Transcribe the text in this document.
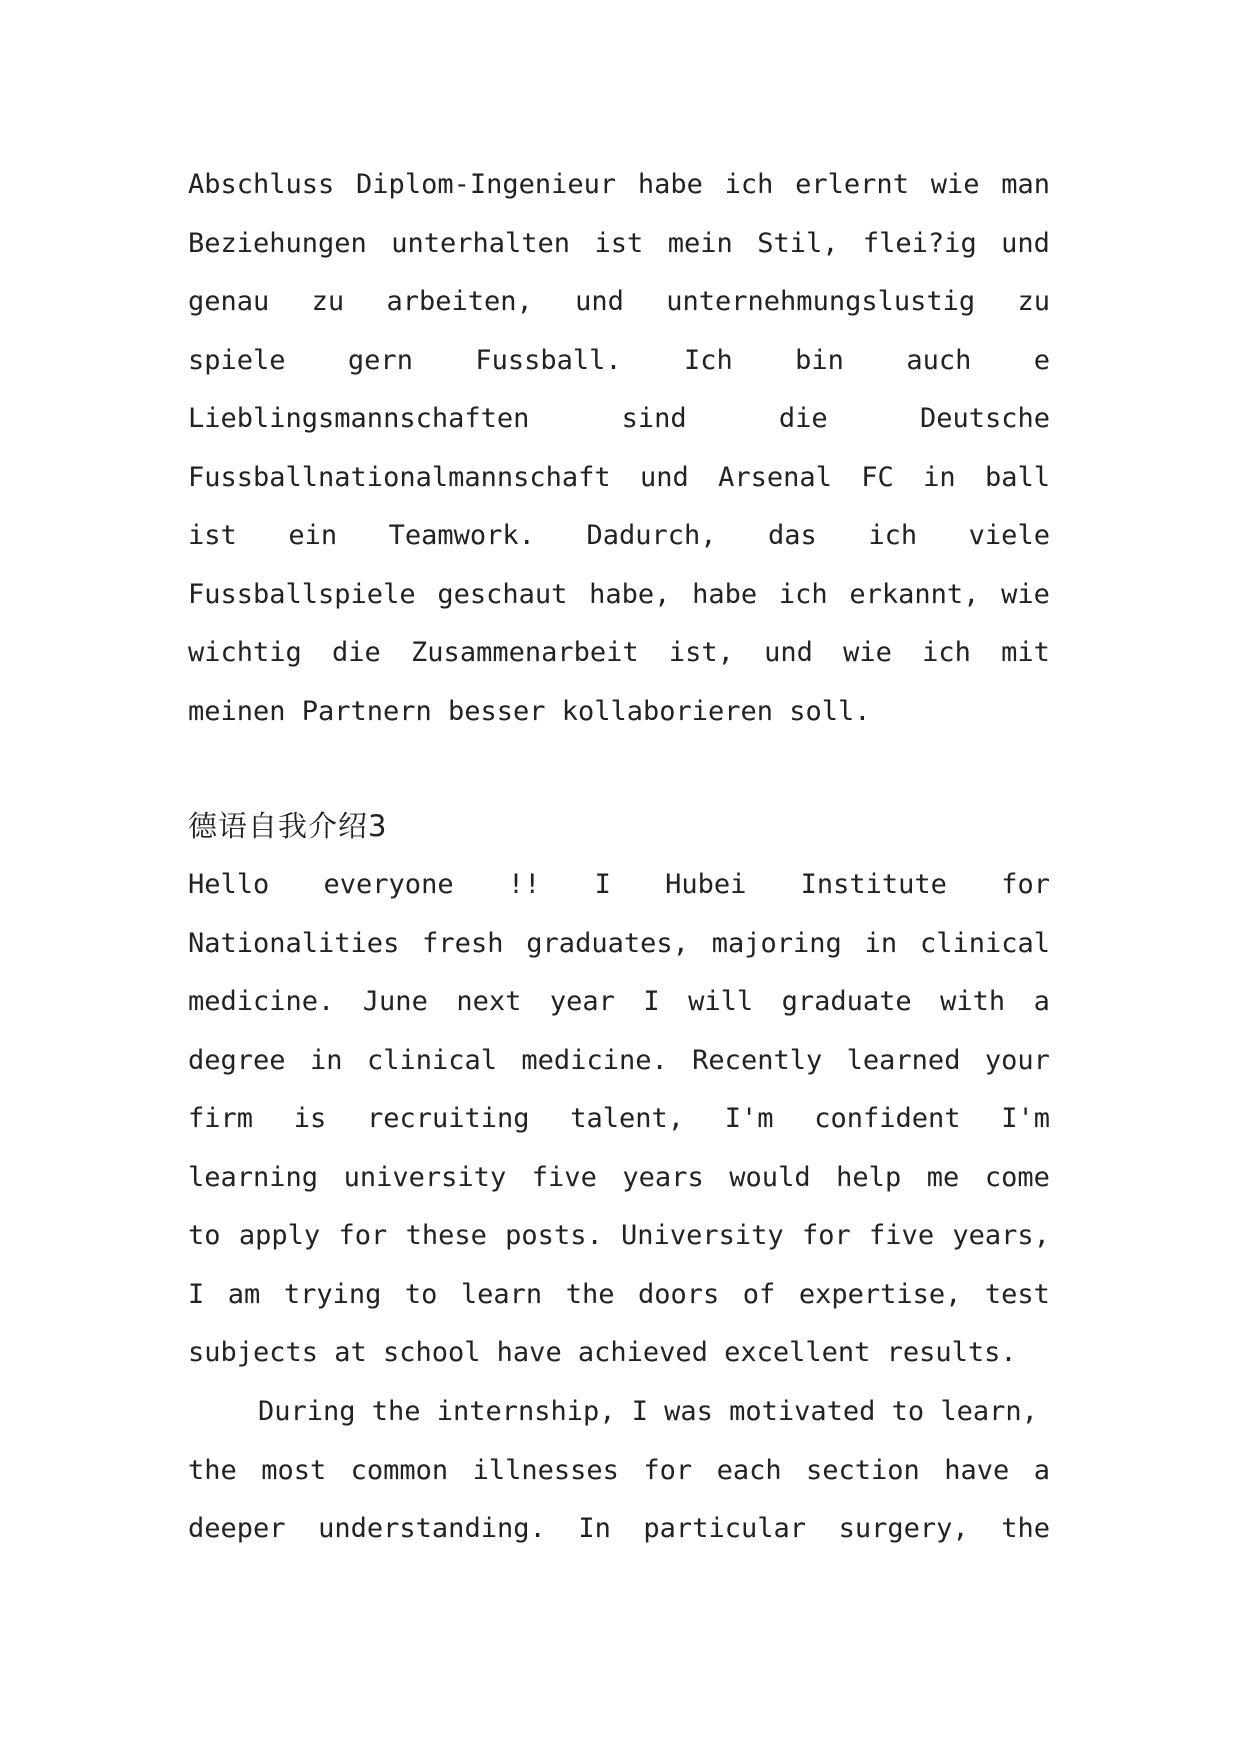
Abschluss Diplom-Ingenieur habe ich erlernt wie man
Beziehungen unterhalten ist mein Stil, flei?ig und
genau zu arbeiten, und unternehmungslustig zu
spiele gern Fussball. Ich bin auch e
Lieblingsmannschaften	sind	die	Deutsche
Fussballnationalmannschaft und Arsenal FC in ball
ist ein Teamwork. Dadurch, das ich viele
Fussballspiele geschaut habe, habe ich erkannt, wie
wichtig die Zusammenarbeit ist, und wie ich mit
meinen Partnern besser kollaborieren soll.
德语自我介绍3
Hello everyone !! I Hubei Institute for
Nationalities fresh graduates, majoring in clinical
medicine. June next year I will graduate with a
degree in clinical medicine. Recently learned your
firm is recruiting talent, I'm confident I'm
learning university five years would help me come
to apply for these posts. University for five years,
I am trying to learn the doors of expertise, test
subjects at school have achieved excellent results.
During the internship, I was motivated to learn,
the most common illnesses for each section have a
deeper understanding. In particular surgery, the
